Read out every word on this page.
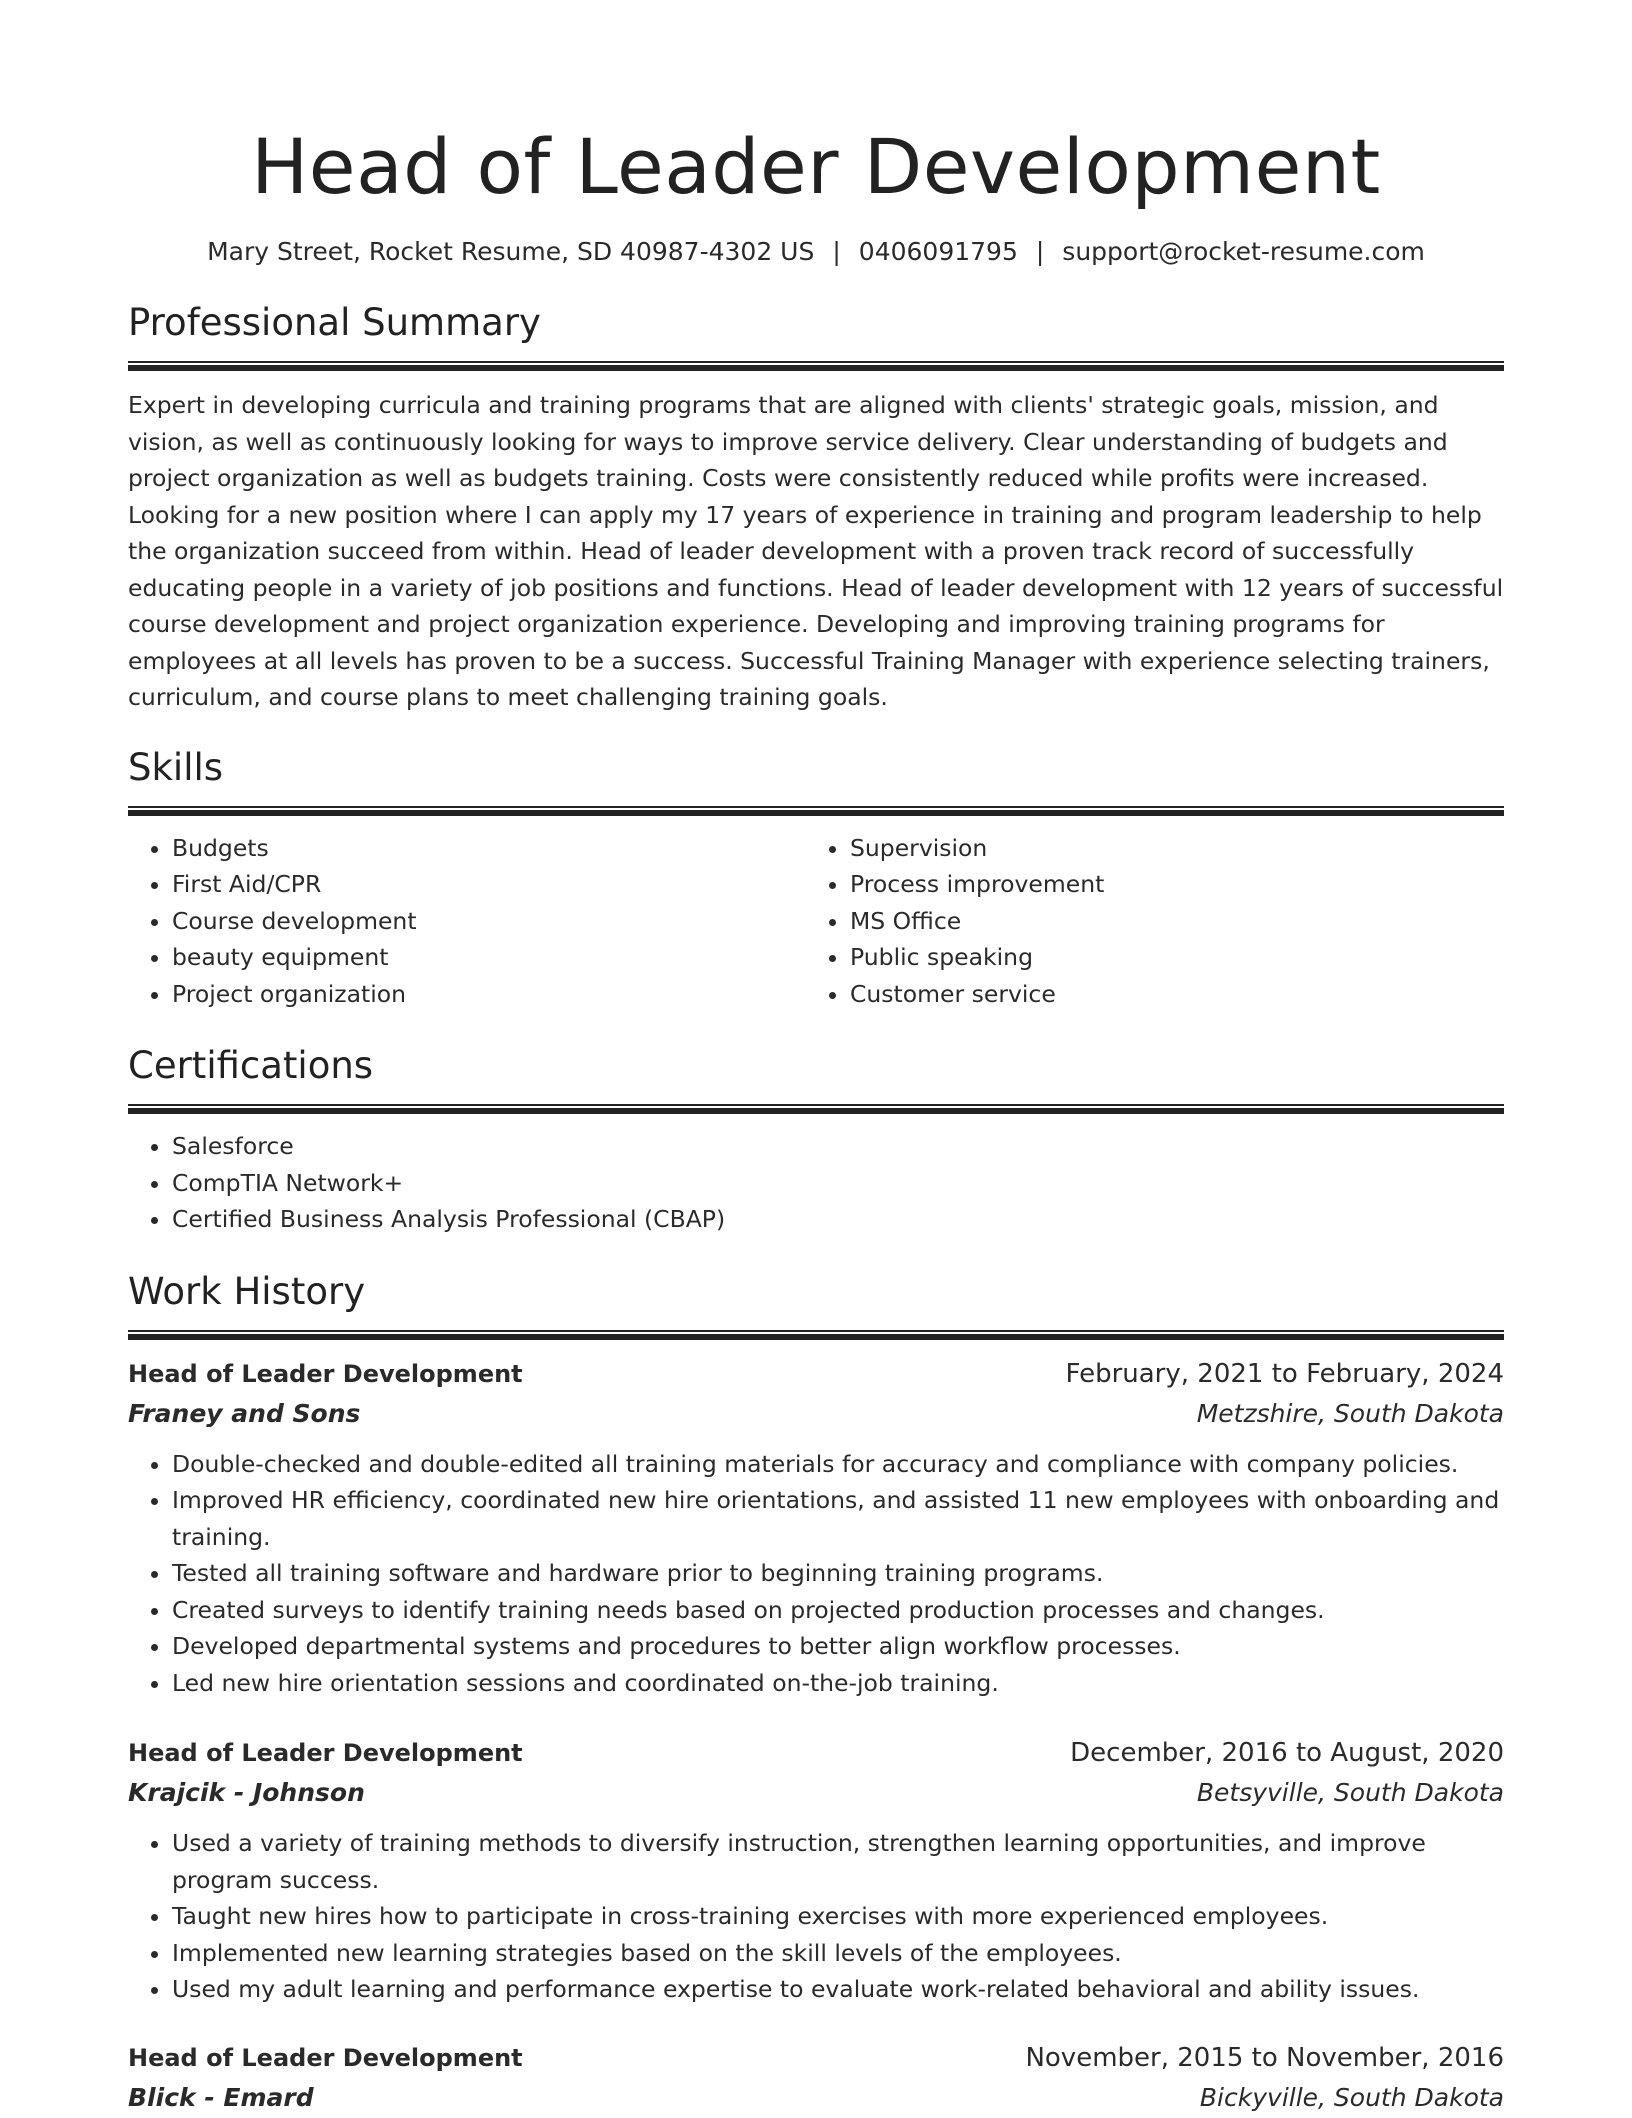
Head of Leader Development
Mary Street, Rocket Resume, SD 40987-4302 US | 0406091795 | support@rocket-resume.com
Professional Summary

Expert in developing curricula and training programs that are aligned with clients' strategic goals, mission, and vision, as well as continuously looking for ways to improve service delivery. Clear understanding of budgets and project organization as well as budgets training. Costs were consistently reduced while profits were increased. Looking for a new position where I can apply my 17 years of experience in training and program leadership to help the organization succeed from within. Head of leader development with a proven track record of successfully educating people in a variety of job positions and functions. Head of leader development with 12 years of successful course development and project organization experience. Developing and improving training programs for employees at all levels has proven to be a success. Successful Training Manager with experience selecting trainers, curriculum, and course plans to meet challenging training goals.

Skills
• Budgets
• First Aid/CPR
• Course development
• beauty equipment
• Project organization
• Supervision
• Process improvement
• MS Office
• Public speaking
• Customer service
Certifications
• Salesforce
• CompTIA Network+
• Certified Business Analysis Professional (CBAP)
Work History
Head of Leader Development	February, 2021 to February, 2024
Franey and Sons	Metzshire, South Dakota
• Double-checked and double-edited all training materials for accuracy and compliance with company policies.
• Improved HR efficiency, coordinated new hire orientations, and assisted 11 new employees with onboarding and training.
• Tested all training software and hardware prior to beginning training programs.
• Created surveys to identify training needs based on projected production processes and changes.
• Developed departmental systems and procedures to better align workflow processes.
• Led new hire orientation sessions and coordinated on-the-job training.
Head of Leader Development	December, 2016 to August, 2020
Krajcik - Johnson	Betsyville, South Dakota
• Used a variety of training methods to diversify instruction, strengthen learning opportunities, and improve program success.
• Taught new hires how to participate in cross-training exercises with more experienced employees.
• Implemented new learning strategies based on the skill levels of the employees.
• Used my adult learning and performance expertise to evaluate work-related behavioral and ability issues.
Head of Leader Development	November, 2015 to November, 2016
Blick - Emard	Bickyville, South Dakota
